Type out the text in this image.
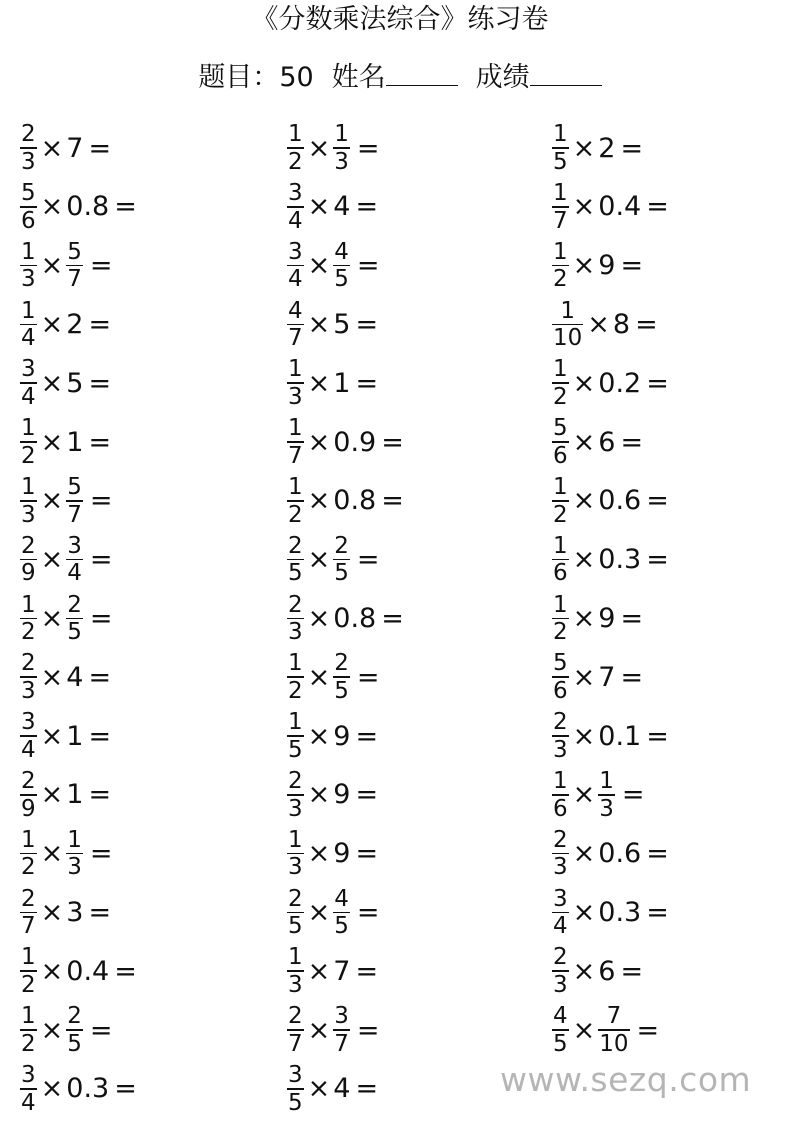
《分数乘法综合》练习卷
题目：50 姓名	成绩
$\frac{2}{3} \times 7$ =	$\frac{1}{2} \times \frac{1}{3}$ =	$\frac{1}{5} \times 2$ =
$\frac{5}{6} \times 0.8$ =	$\frac{3}{4} \times 4$ =	$\frac{1}{7} \times 0.4$ =
$\frac{1}{3} \times \frac{5}{7}$ =	$\frac{3}{4} \times \frac{4}{5}$ =	$\frac{1}{2} \times 9$ =
$\frac{1}{4} \times 2$ =	$\frac{4}{7} \times 5$ =	$\frac{1}{10} \times 8$ =
$\frac{3}{4} \times 5$ =	$\frac{1}{3} \times 1$ =	$\frac{1}{2} \times 0.2$ =
$\frac{1}{2} \times 1$ =	$\frac{1}{7} \times 0.9$ =	$\frac{5}{6} \times 6$ =
$\frac{1}{3} \times \frac{5}{7}$ =	$\frac{1}{2} \times 0.8$ =	$\frac{1}{2} \times 0.6$ =
$\frac{2}{9} \times \frac{3}{4}$ =	$\frac{2}{5} \times \frac{2}{5}$ =	$\frac{1}{6} \times 0.3$ =
$\frac{1}{2} \times \frac{2}{5}$ =	$\frac{2}{3} \times 0.8$ =	$\frac{1}{2} \times 9$ =
$\frac{2}{3} \times 4$ =	$\frac{1}{2} \times \frac{2}{5}$ =	$\frac{5}{6} \times 7$ =
$\frac{3}{4} \times 1$ =	$\frac{1}{5} \times 9$ =	$\frac{2}{3} \times 0.1$ =
$\frac{2}{9} \times 1$ =	$\frac{2}{3} \times 9$ =	$\frac{1}{6} \times \frac{1}{3}$ =
$\frac{1}{2} \times \frac{1}{3}$ =	$\frac{1}{3} \times 9$ =	$\frac{2}{3} \times 0.6$ =
$\frac{2}{7} \times 3$ =	$\frac{2}{5} \times \frac{4}{5}$ =	$\frac{3}{4} \times 0.3$ =
$\frac{1}{2} \times 0.4$ =	$\frac{1}{3} \times 7$ =	$\frac{2}{3} \times 6$ =
$\frac{1}{2} \times \frac{2}{5}$ =	$\frac{2}{7} \times \frac{3}{7}$ =	$\frac{4}{5} \times \frac{7}{10}$ =
$\frac{3}{4} \times 0.3$ =	$\frac{3}{5} \times 4$ =	www.sezq.com
